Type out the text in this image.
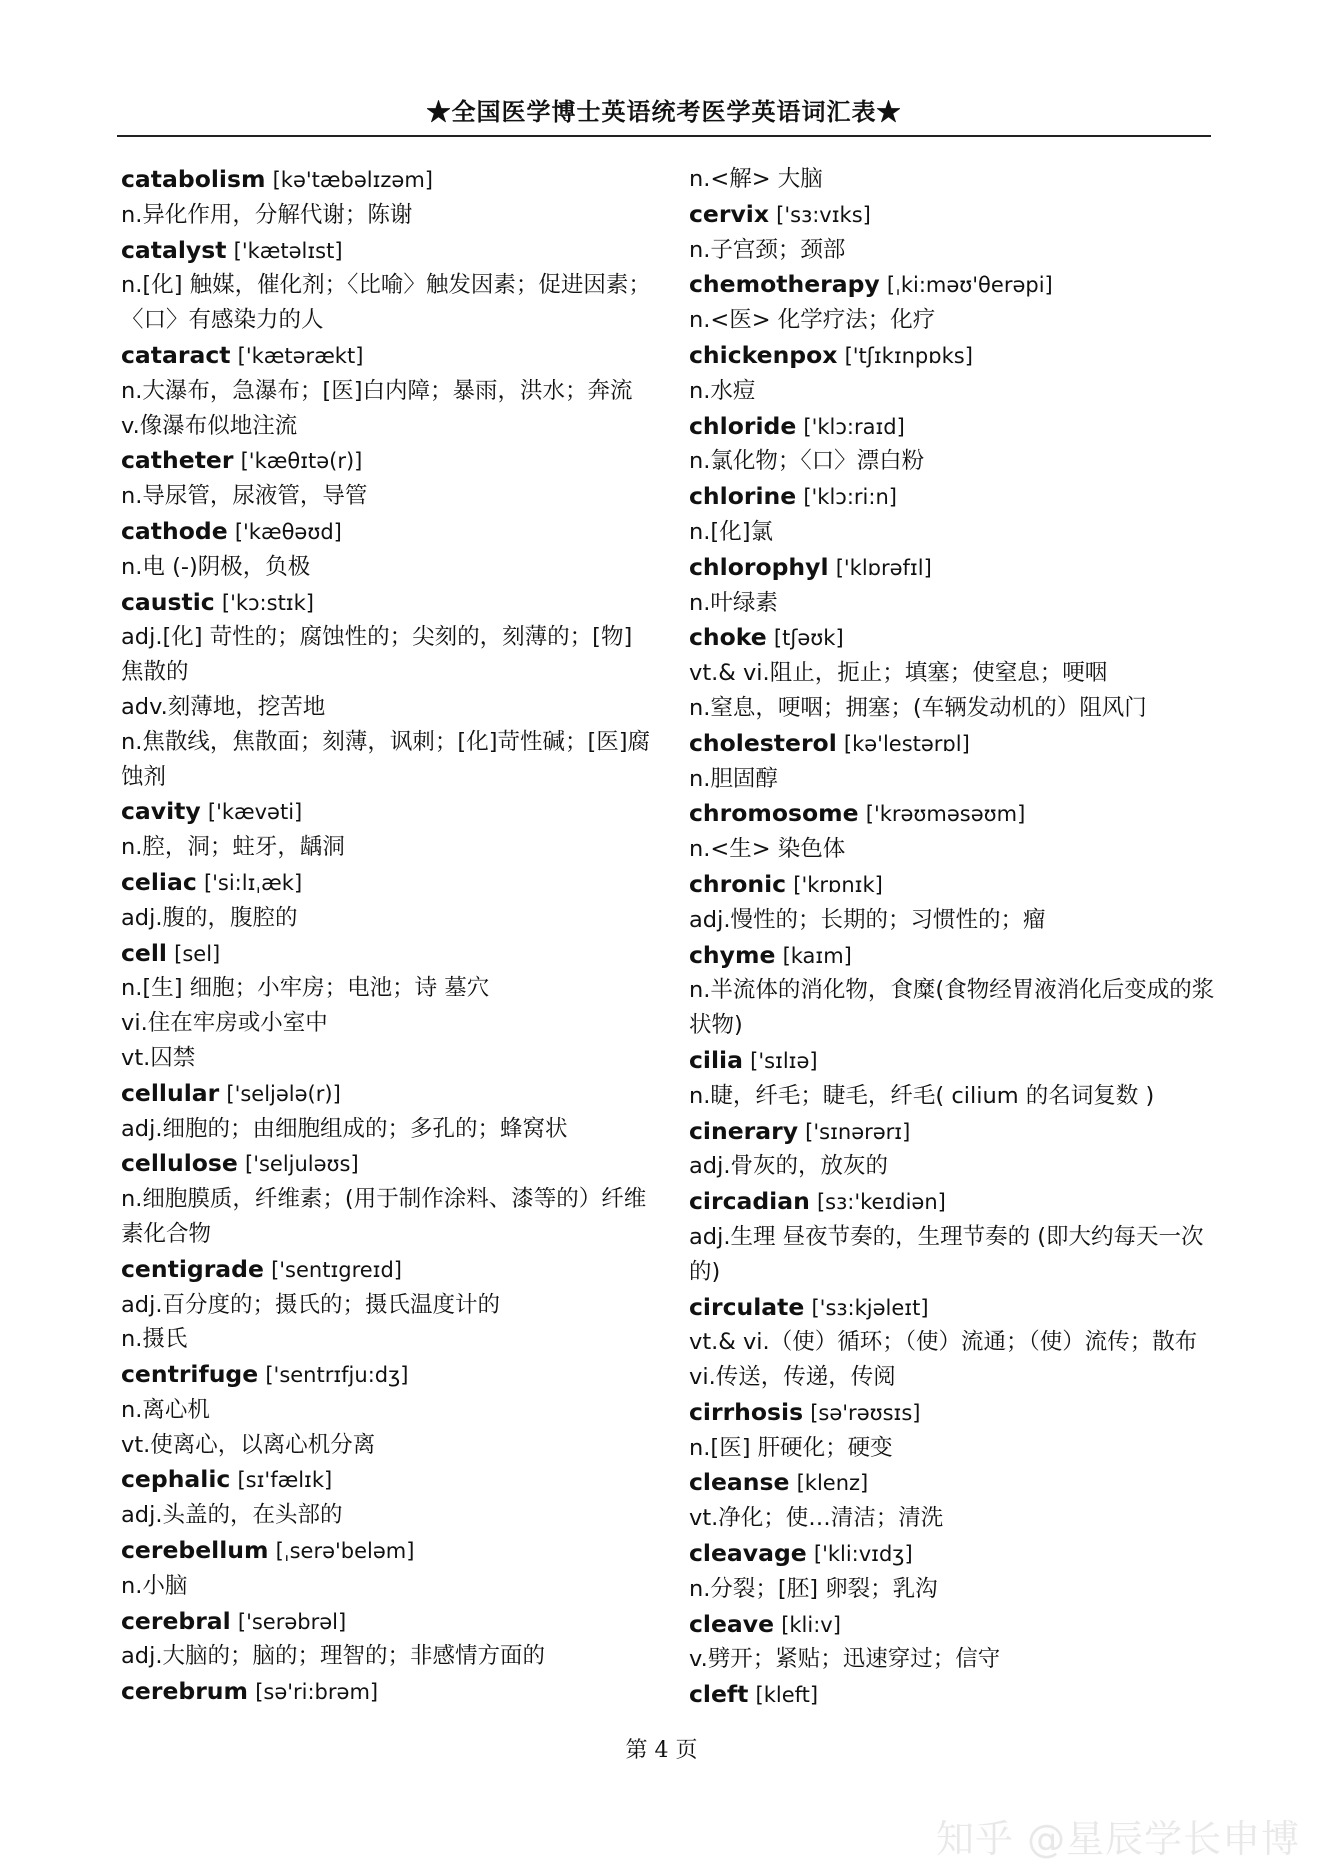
★全国医学博士英语统考医学英语词汇表★
catabolism [kə'tæbəlɪzəm]
n.异化作用，分解代谢；陈谢
catalyst ['kætəlɪst]
n.[化] 触媒，催化剂；〈比喻〉触发因素；促进因素；〈口〉有感染力的人
cataract ['kætərækt]
n.大瀑布，急瀑布；[医]白内障；暴雨，洪水；奔流
v.像瀑布似地注流
catheter ['kæθɪtə(r)]
n.导尿管，尿液管，导管
cathode ['kæθəʊd]
n.电 (-)阴极，负极
caustic ['kɔ:stɪk]
adj.[化] 苛性的；腐蚀性的；尖刻的，刻薄的；[物]焦散的
adv.刻薄地，挖苦地
n.焦散线，焦散面；刻薄，讽刺；[化]苛性碱；[医]腐蚀剂
cavity ['kævəti]
n.腔，洞；蛀牙，龋洞
celiac ['si:lɪˌæk]
adj.腹的，腹腔的
cell [sel]
n.[生] 细胞；小牢房；电池；诗 墓穴
vi.住在牢房或小室中
vt.囚禁
cellular ['seljələ(r)]
adj.细胞的；由细胞组成的；多孔的；蜂窝状
cellulose ['seljuləʊs]
n.细胞膜质，纤维素；(用于制作涂料、漆等的）纤维素化合物
centigrade ['sentɪgreɪd]
adj.百分度的；摄氏的；摄氏温度计的
n.摄氏
centrifuge ['sentrɪfju:dʒ]
n.离心机
vt.使离心，以离心机分离
cephalic [sɪ'fælɪk]
adj.头盖的，在头部的
cerebellum [ˌserə'beləm]
n.小脑
cerebral ['serəbrəl]
adj.大脑的；脑的；理智的；非感情方面的
cerebrum [sə'ri:brəm]
n.<解> 大脑
cervix ['sɜ:vɪks]
n.子宫颈；颈部
chemotherapy [ˌki:məʊ'θerəpi]
n.<医> 化学疗法；化疗
chickenpox ['tʃɪkɪnpɒks]
n.水痘
chloride ['klɔ:raɪd]
n.氯化物；〈口〉漂白粉
chlorine ['klɔ:ri:n]
n.[化]氯
chlorophyl ['klɒrəfɪl]
n.叶绿素
choke [tʃəʊk]
vt.& vi.阻止，扼止；填塞；使窒息；哽咽
n.窒息，哽咽；拥塞；(车辆发动机的）阻风门
cholesterol [kə'lestərɒl]
n.胆固醇
chromosome ['krəʊməsəʊm]
n.<生> 染色体
chronic ['krɒnɪk]
adj.慢性的；长期的；习惯性的；瘤
chyme [kaɪm]
n.半流体的消化物，食糜(食物经胃液消化后变成的浆状物)
cilia ['sɪlɪə]
n.睫，纤毛；睫毛，纤毛( cilium 的名词复数 )
cinerary ['sɪnərərɪ]
adj.骨灰的，放灰的
circadian [sɜ:'keɪdiən]
adj.生理 昼夜节奏的，生理节奏的 (即大约每天一次的)
circulate ['sɜ:kjəleɪt]
vt.& vi.（使）循环；（使）流通；（使）流传；散布
vi.传送，传递，传阅
cirrhosis [sə'rəʊsɪs]
n.[医] 肝硬化；硬变
cleanse [klenz]
vt.净化；使…清洁；清洗
cleavage ['kli:vɪdʒ]
n.分裂；[胚] 卵裂；乳沟
cleave [kli:v]
v.劈开；紧贴；迅速穿过；信守
cleft [kleft]
第 4 页
知乎 @星辰学长申博
